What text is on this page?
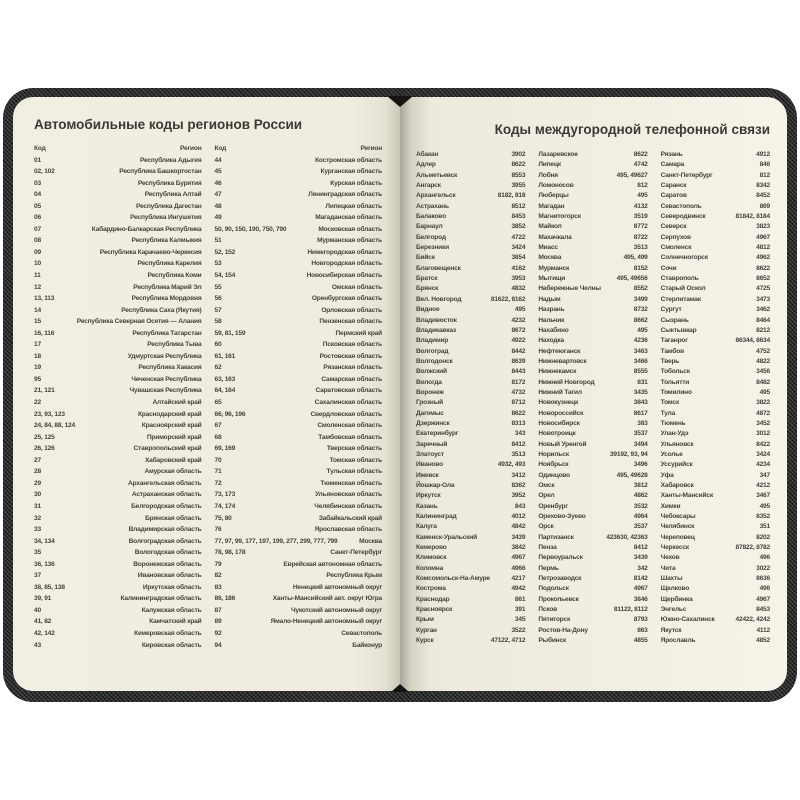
Автомобильные коды регионов России
Код	Регион
01	Республика Адыгея
02, 102	Республика Башкортостан
03	Республика Бурятия
04	Республика Алтай
05	Республика Дагестан
06	Республика Ингушетия
07	Кабардино-Балкарская Республика
08	Республика Калмыкия
09	Республика Карачаево-Черкесия
10	Республика Карелия
11	Республика Коми
12	Республика Марий Эл
13, 113	Республика Мордовия
14	Республика Саха (Якутия)
15	Республика Северная Осетия — Алания
16, 116	Республика Татарстан
17	Республика Тыва
18	Удмуртская Республика
19	Республика Хакасия
95	Чеченская Республика
21, 121	Чувашская Республика
22	Алтайский край
23, 93, 123	Краснодарский край
24, 84, 88, 124	Красноярский край
25, 125	Приморский край
26, 126	Ставропольский край
27	Хабаровский край
28	Амурская область
29	Архангельская область
30	Астраханская область
31	Белгородская область
32	Брянская область
33	Владимирская область
34, 134	Волгоградская область
35	Вологодская область
36, 136	Воронежская область
37	Ивановская область
38, 85, 138	Иркутская область
39, 91	Калининградская область
40	Калужская область
41, 82	Камчатский край
42, 142	Кемеровская область
43	Кировская область
Код	Регион
44	Костромская область
45	Курганская область
46	Курская область
47	Ленинградская область
48	Липецкая область
49	Магаданская область
50, 90, 150, 190, 750, 790	Московская область
51	Мурманская область
52, 152	Нижегородская область
53	Новгородская область
54, 154	Новосибирская область
55	Омская область
56	Оренбургская область
57	Орловская область
58	Пензенская область
59, 81, 159	Пермский край
60	Псковская область
61, 161	Ростовская область
62	Рязанская область
63, 163	Самарская область
64, 164	Саратовская область
65	Сахалинская область
66, 96, 196	Свердловская область
67	Смоленская область
68	Тамбовская область
69, 169	Тверская область
70	Томская область
71	Тульская область
72	Тюменская область
73, 173	Ульяновская область
74, 174	Челябинская область
75, 80	Забайкальский край
76	Ярославская область
77, 97, 99, 177, 197, 199, 277, 299, 777, 799	Москва
78, 98, 178	Санкт-Петербург
79	Еврейская автономная область
82	Республика Крым
83	Ненецкий автономный округ
86, 186	Ханты-Мансийский авт. округ Югра
87	Чукотский автономный округ
89	Ямало-Ненецкий автономный округ
92	Севастополь
94	Байконур
Коды междугородной телефонной связи
Абакан	3902
Адлер	8622
Альметьевск	8553
Ангарск	3955
Архангельск	8182, 818
Астрахань	8512
Балаково	8453
Барнаул	3852
Белгород	4722
Березники	3424
Бийск	3854
Благовещенск	4162
Братск	3953
Брянск	4832
Вел. Новгород	81622, 8162
Видное	495
Владивосток	4232
Владикавказ	8672
Владимир	4922
Волгоград	8442
Волгодонск	8639
Волжский	8443
Вологда	8172
Воронеж	4732
Грозный	8712
Дагомыс	8622
Дзержинск	8313
Екатеринбург	343
Заречный	8412
Златоуст	3513
Иваново	4932, 493
Ижевск	3412
Йошкар-Ола	8362
Иркутск	3952
Казань	843
Калининград	4012
Калуга	4842
Каменск-Уральский	3439
Кемерово	3842
Климовск	4967
Коломна	4966
Комсомольск-На-Амуре	4217
Кострома	4942
Краснодар	861
Красноярск	391
Крым	345
Курган	3522
Курск	47122, 4712
Лазаревское	8622
Липецк	4742
Лобня	495, 49627
Ломоносов	812
Люберцы	495
Магадан	4132
Магнитогорск	3519
Майкоп	8772
Махачкала	8722
Миасс	3513
Москва	495, 499
Мурманск	8152
Мытищи	495, 49656
Набережные Челны	8552
Надым	3499
Назрань	8732
Нальчик	8662
Нахабино	495
Находка	4236
Нефтеюганск	3463
Нижневартовск	3466
Нижнекамск	8555
Нижний Новгород	831
Нижний Тагил	3435
Новокузнецк	3843
Новороссийск	8617
Новосибирск	383
Новотроицк	3537
Новый Уренгой	3494
Норильск	39192, 93, 94
Ноябрьск	3496
Одинцово	495, 49628
Омск	3812
Орел	4862
Оренбург	3532
Орехово-Зуево	4964
Орск	3537
Партизанск	423630, 42363
Пенза	8412
Первоуральск	3439
Пермь	342
Петрозаводск	8142
Подольск	4967
Прокопьевск	3846
Псков	81122, 8112
Пятигорск	8793
Ростов-На-Дону	863
Рыбинск	4855
Рязань	4912
Самара	846
Санкт-Петербург	812
Саранск	8342
Саратов	8452
Севастополь	869
Северодвинск	81842, 8184
Северск	3823
Серпухов	4967
Смоленск	4812
Солнечногорск	4962
Сочи	8622
Ставрополь	8652
Старый Оскол	4725
Стерлитамак	3473
Сургут	3462
Сызрань	8464
Сыктывкар	8212
Таганрог	86344, 8634
Тамбов	4752
Тверь	4822
Тобольск	3456
Тольятти	8482
Томилино	495
Томск	3822
Тула	4872
Тюмень	3452
Улан-Удэ	3012
Ульяновск	8422
Усолье	3424
Уссурийск	4234
Уфа	347
Хабаровск	4212
Ханты-Мансийск	3467
Химки	495
Чебоксары	8352
Челябинск	351
Череповец	8202
Черкесск	87822, 8782
Чехов	496
Чита	3022
Шахты	8636
Щелково	496
Щербинка	4967
Энгельс	8453
Южно-Сахалинск	42422, 4242
Якутск	4112
Ярославль	4852
